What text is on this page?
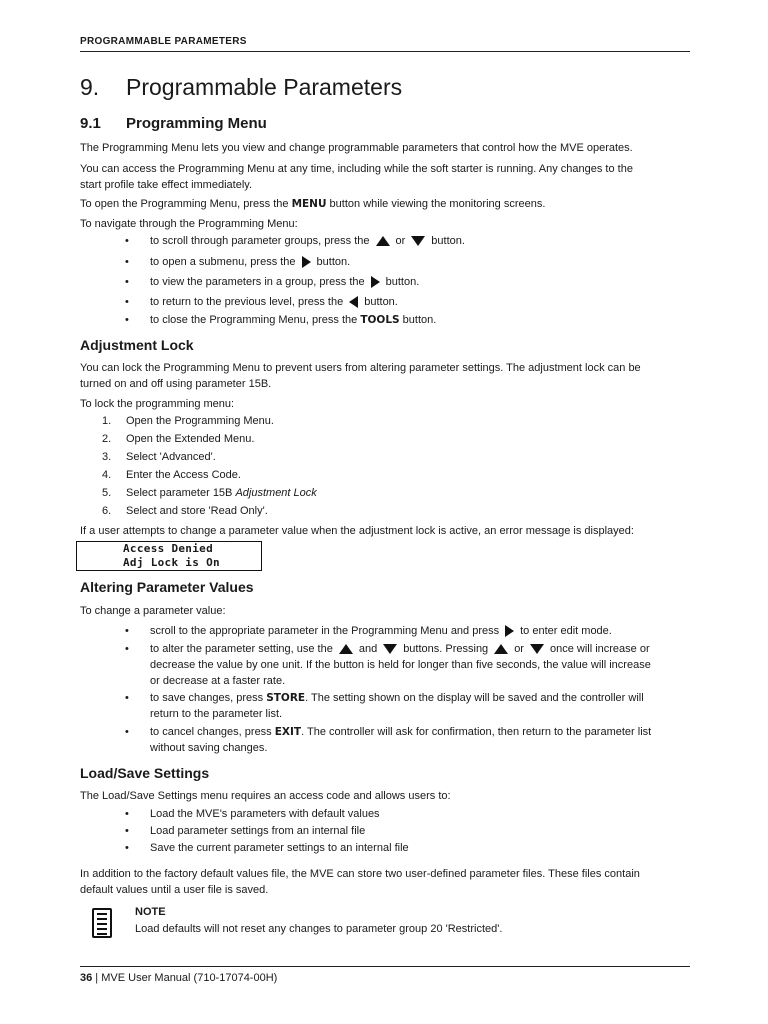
PROGRAMMABLE PARAMETERS
9. Programmable Parameters
9.1 Programming Menu

The Programming Menu lets you view and change programmable parameters that control how the MVE operates.

You can access the Programming Menu at any time, including while the soft starter is running. Any changes to the

start profile take effect immediately.

To open the Programming Menu, press the MENU button while viewing the monitoring screens.

To navigate through the Programming Menu:

• to scroll through parameter groups, press the or button.
• to open a submenu, press the button.
• to view the parameters in a group, press the button.
• to return to the previous level, press the button.
• to close the Programming Menu, press the TOOLS button.
Adjustment Lock

You can lock the Programming Menu to prevent users from altering parameter settings. The adjustment lock can be

turned on and off using parameter 15B.

To lock the programming menu:

1. Open the Programming Menu.
2. Open the Extended Menu.
3. Select 'Advanced'.
4. Enter the Access Code.
5. Select parameter 15B Adjustment Lock
6. Select and store 'Read Only'.

If a user attempts to change a parameter value when the adjustment lock is active, an error message is displayed:

Access Denied
Adj Lock is On
Altering Parameter Values

To change a parameter value:

• scroll to the appropriate parameter in the Programming Menu and press to enter edit mode.
• to alter the parameter setting, use the and buttons. Pressing or once will increase or
decrease the value by one unit. If the button is held for longer than five seconds, the value will increase
or decrease at a faster rate.
• to save changes, press STORE. The setting shown on the display will be saved and the controller will
return to the parameter list.
• to cancel changes, press EXIT. The controller will ask for confirmation, then return to the parameter list
without saving changes.
Load/Save Settings

The Load/Save Settings menu requires an access code and allows users to:

• Load the MVE's parameters with default values
• Load parameter settings from an internal file
• Save the current parameter settings to an internal file

In addition to the factory default values file, the MVE can store two user-defined parameter files. These files contain

default values until a user file is saved.

NOTE
Load defaults will not reset any changes to parameter group 20 'Restricted'.
36 | MVE User Manual (710-17074-00H)
